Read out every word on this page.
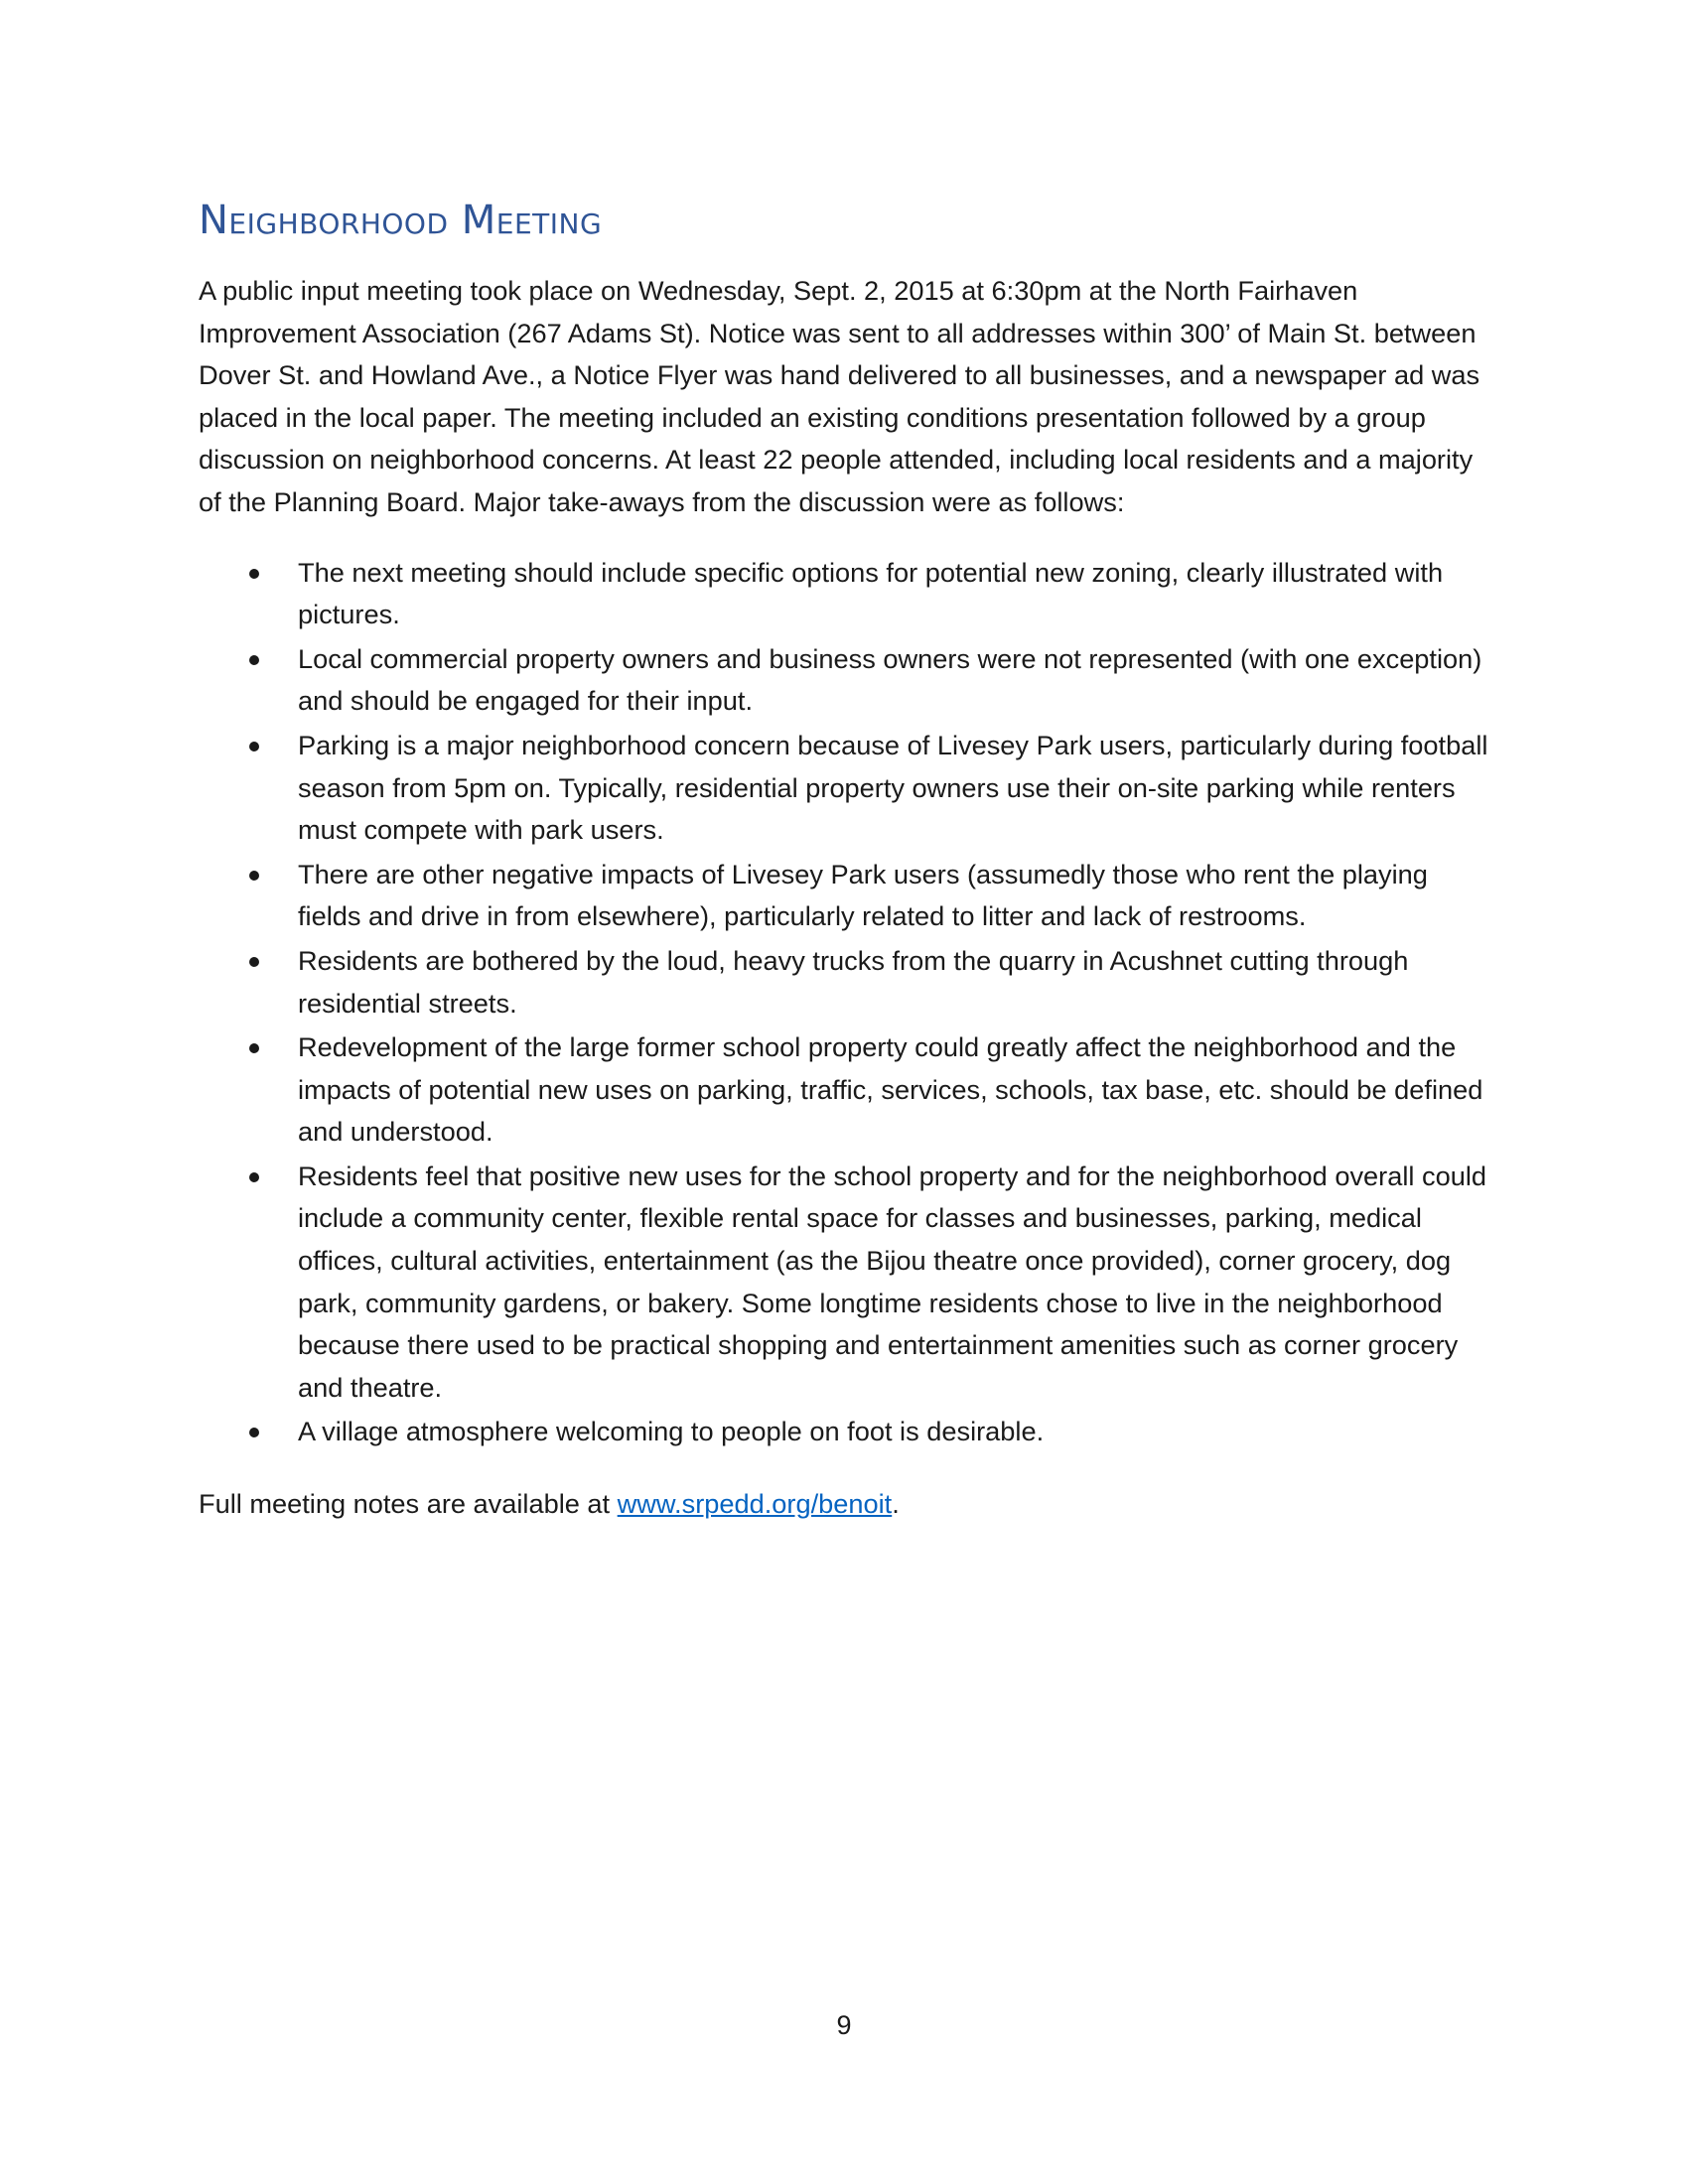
Neighborhood Meeting

A public input meeting took place on Wednesday, Sept. 2, 2015 at 6:30pm at the North Fairhaven Improvement Association (267 Adams St). Notice was sent to all addresses within 300’ of Main St. between Dover St. and Howland Ave., a Notice Flyer was hand delivered to all businesses, and a newspaper ad was placed in the local paper. The meeting included an existing conditions presentation followed by a group discussion on neighborhood concerns. At least 22 people attended, including local residents and a majority of the Planning Board. Major take-aways from the discussion were as follows:

The next meeting should include specific options for potential new zoning, clearly illustrated with pictures.
Local commercial property owners and business owners were not represented (with one exception) and should be engaged for their input.
Parking is a major neighborhood concern because of Livesey Park users, particularly during football season from 5pm on. Typically, residential property owners use their on-site parking while renters must compete with park users.
There are other negative impacts of Livesey Park users (assumedly those who rent the playing fields and drive in from elsewhere), particularly related to litter and lack of restrooms.
Residents are bothered by the loud, heavy trucks from the quarry in Acushnet cutting through residential streets.
Redevelopment of the large former school property could greatly affect the neighborhood and the impacts of potential new uses on parking, traffic, services, schools, tax base, etc. should be defined and understood.
Residents feel that positive new uses for the school property and for the neighborhood overall could include a community center, flexible rental space for classes and businesses, parking, medical offices, cultural activities, entertainment (as the Bijou theatre once provided), corner grocery, dog park, community gardens, or bakery. Some longtime residents chose to live in the neighborhood because there used to be practical shopping and entertainment amenities such as corner grocery and theatre.
A village atmosphere welcoming to people on foot is desirable.

Full meeting notes are available at www.srpedd.org/benoit.

9
